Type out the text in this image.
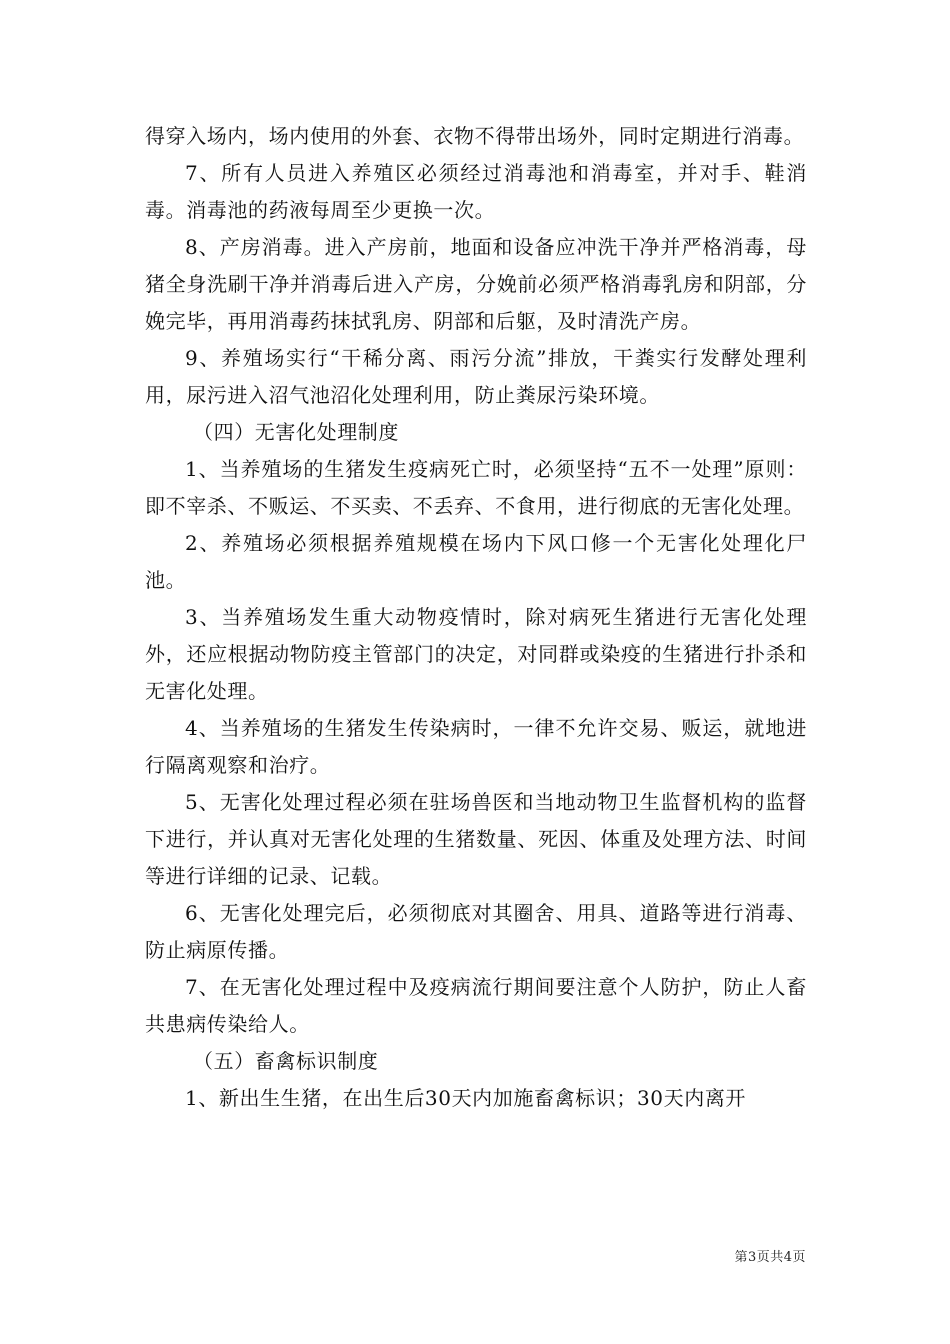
得穿入场内，场内使用的外套、衣物不得带出场外，同时定期进行消毒。

7、所有人员进入养殖区必须经过消毒池和消毒室，并对手、鞋消毒。消毒池的药液每周至少更换一次。

8、产房消毒。进入产房前，地面和设备应冲洗干净并严格消毒，母猪全身洗刷干净并消毒后进入产房，分娩前必须严格消毒乳房和阴部，分娩完毕，再用消毒药抹拭乳房、阴部和后躯，及时清洗产房。

9、养殖场实行“干稀分离、雨污分流”排放，干粪实行发酵处理利用，尿污进入沼气池沼化处理利用，防止粪尿污染环境。

（四）无害化处理制度

1、当养殖场的生猪发生疫病死亡时，必须坚持“五不一处理”原则：即不宰杀、不贩运、不买卖、不丢弃、不食用，进行彻底的无害化处理。

2、养殖场必须根据养殖规模在场内下风口修一个无害化处理化尸池。

3、当养殖场发生重大动物疫情时，除对病死生猪进行无害化处理外，还应根据动物防疫主管部门的决定，对同群或染疫的生猪进行扑杀和无害化处理。

4、当养殖场的生猪发生传染病时，一律不允许交易、贩运，就地进行隔离观察和治疗。

5、无害化处理过程必须在驻场兽医和当地动物卫生监督机构的监督下进行，并认真对无害化处理的生猪数量、死因、体重及处理方法、时间等进行详细的记录、记载。

6、无害化处理完后，必须彻底对其圈舍、用具、道路等进行消毒、防止病原传播。

7、在无害化处理过程中及疫病流行期间要注意个人防护，防止人畜共患病传染给人。

（五）畜禽标识制度

1、新出生生猪，在出生后30天内加施畜禽标识；30天内离开

第3页共4页
